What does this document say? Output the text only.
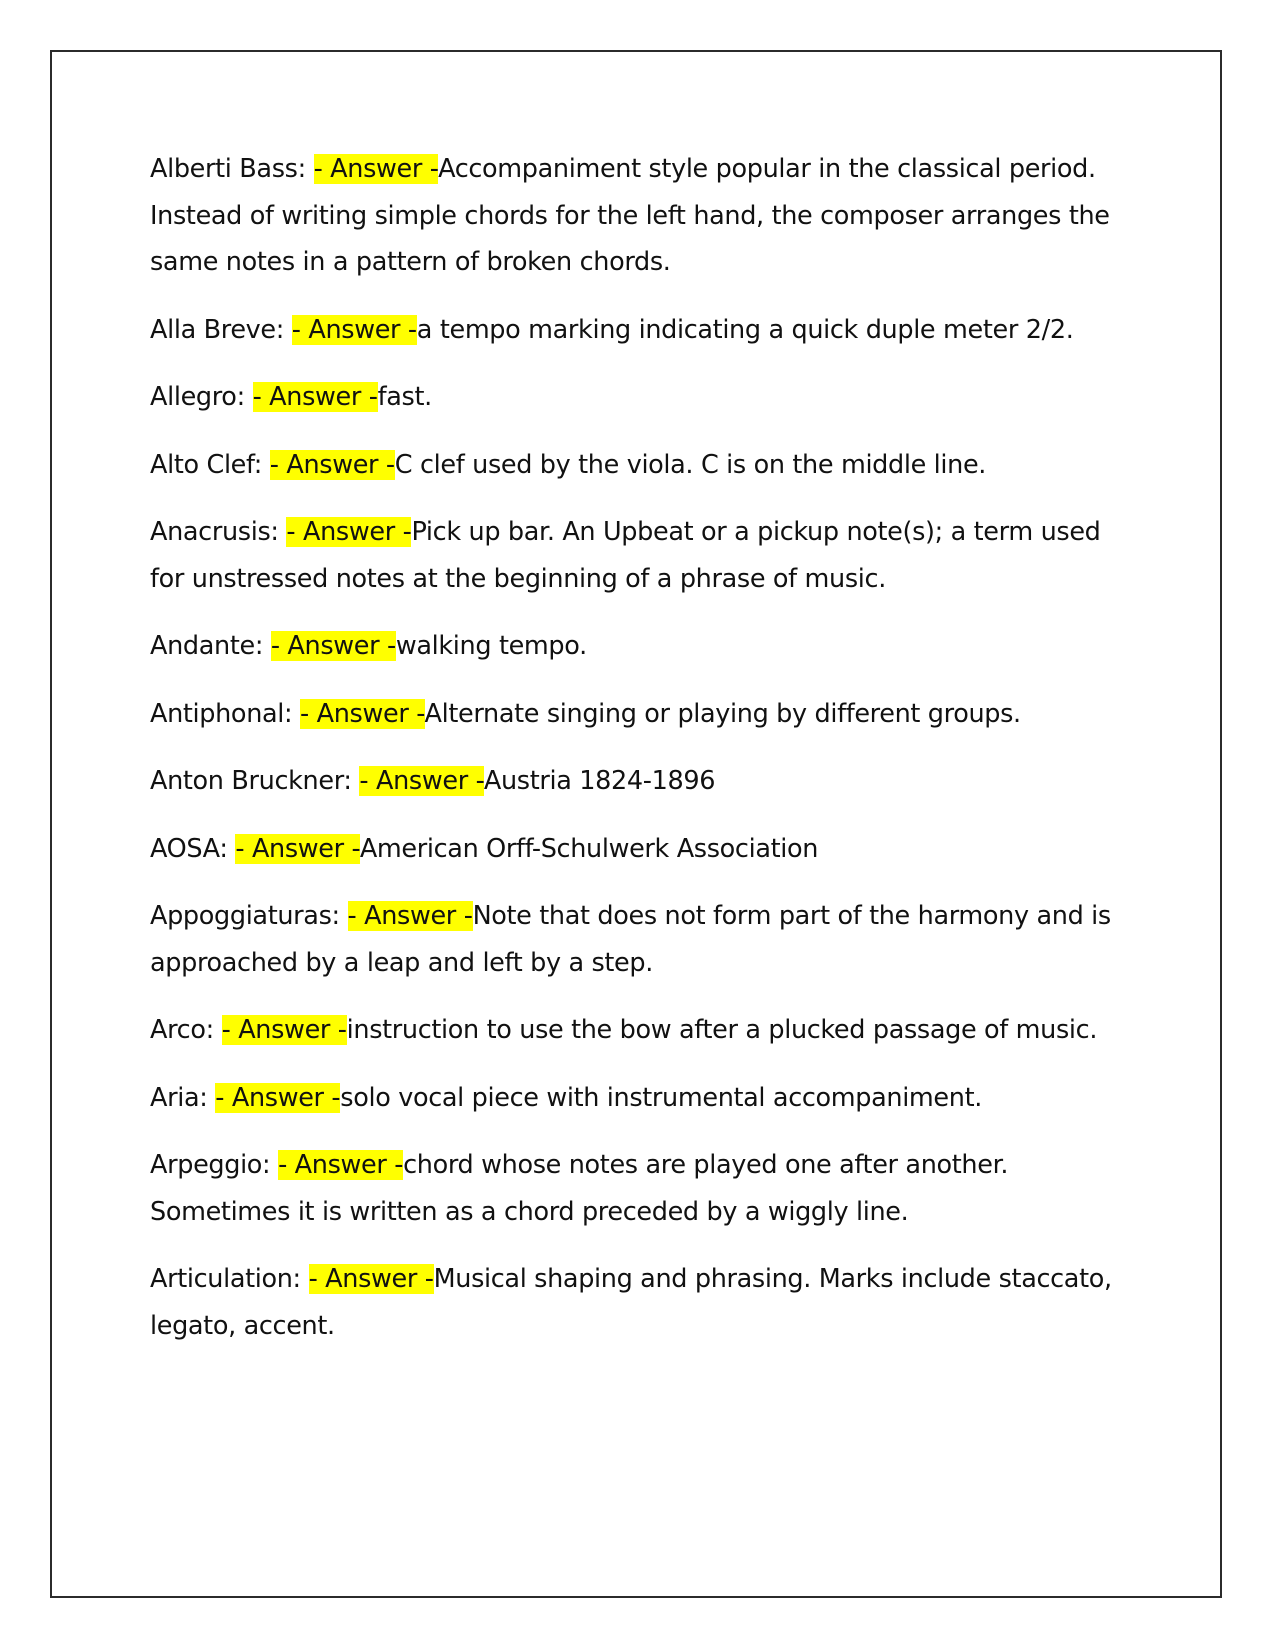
Alberti Bass: - Answer -Accompaniment style popular in the classical period. Instead of writing simple chords for the left hand, the composer arranges the same notes in a pattern of broken chords.

Alla Breve: - Answer -a tempo marking indicating a quick duple meter 2/2.

Allegro: - Answer -fast.

Alto Clef: - Answer -C clef used by the viola. C is on the middle line.

Anacrusis: - Answer -Pick up bar. An Upbeat or a pickup note(s); a term used for unstressed notes at the beginning of a phrase of music.

Andante: - Answer -walking tempo.

Antiphonal: - Answer -Alternate singing or playing by different groups.

Anton Bruckner: - Answer -Austria 1824-1896

AOSA: - Answer -American Orff-Schulwerk Association

Appoggiaturas: - Answer -Note that does not form part of the harmony and is approached by a leap and left by a step.

Arco: - Answer -instruction to use the bow after a plucked passage of music.

Aria: - Answer -solo vocal piece with instrumental accompaniment.

Arpeggio: - Answer -chord whose notes are played one after another. Sometimes it is written as a chord preceded by a wiggly line.

Articulation: - Answer -Musical shaping and phrasing. Marks include staccato, legato, accent.
